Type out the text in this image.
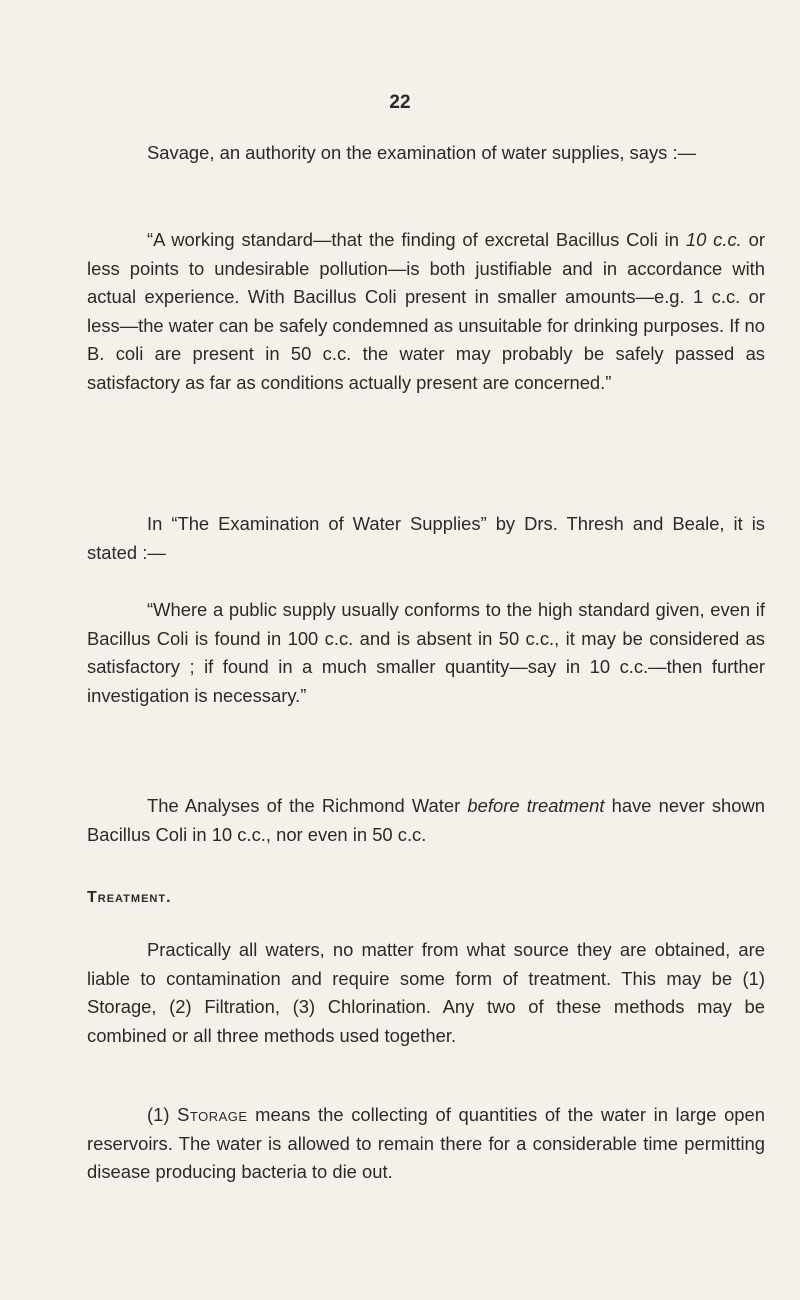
22

Savage, an authority on the examination of water supplies, says :—

“A working standard—that the finding of excretal Bacillus Coli in 10 c.c. or less points to undesirable pollution—is both justifiable and in accordance with actual experience. With Bacillus Coli present in smaller amounts—e.g. 1 c.c. or less—the water can be safely condemned as unsuitable for drinking purposes. If no B. coli are present in 50 c.c. the water may probably be safely passed as satisfactory as far as conditions actually present are concerned.”

In “The Examination of Water Supplies” by Drs. Thresh and Beale, it is stated :—

“Where a public supply usually conforms to the high standard given, even if Bacillus Coli is found in 100 c.c. and is absent in 50 c.c., it may be considered as satisfactory ; if found in a much smaller quantity—say in 10 c.c.—then further investigation is necessary.”

The Analyses of the Richmond Water before treatment have never shown Bacillus Coli in 10 c.c., nor even in 50 c.c.

Treatment.

Practically all waters, no matter from what source they are obtained, are liable to contamination and require some form of treatment. This may be (1) Storage, (2) Filtration, (3) Chlorination. Any two of these methods may be combined or all three methods used together.

(1) Storage means the collecting of quantities of the water in large open reservoirs. The water is allowed to remain there for a considerable time permitting disease producing bacteria to die out.
